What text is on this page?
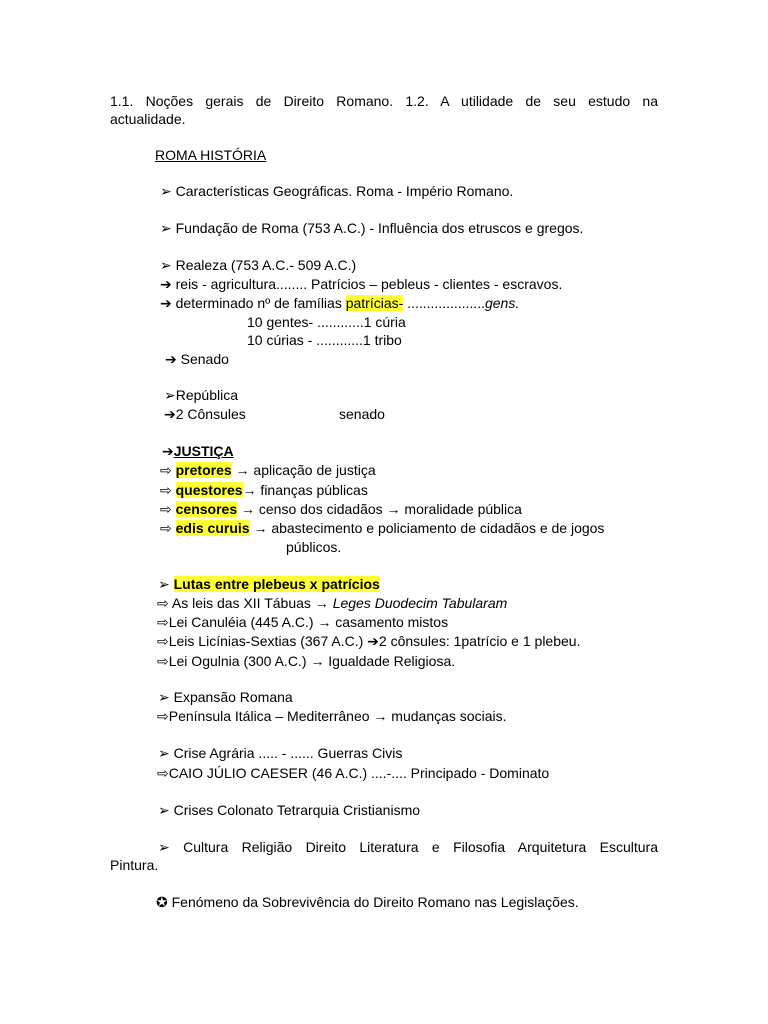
1.1. Noções gerais de Direito Romano. 1.2. A utilidade de seu estudo na
actualidade.
ROMA HISTÓRIA
➢ Características Geográficas. Roma - Império Romano.
➢ Fundação de Roma (753 A.C.) - Influência dos etruscos e gregos.
➢ Realeza (753 A.C.- 509 A.C.)
➔ reis - agricultura........ Patrícios – pebleus - clientes - escravos.
➔ determinado nº de famílias patrícias- ....................gens.
10 gentes- ............1 cúria
10 cúrias - ............1 tribo
➔ Senado
➢República
➔2 Cônsules	senado
➔JUSTIÇA
⇨ pretores → aplicação de justiça
⇨ questores→ finanças públicas
⇨ censores → censo dos cidadãos → moralidade pública
⇨ edis curuis → abastecimento e policiamento de cidadãos e de jogos
públicos.
➢ Lutas entre plebeus x patrícios
⇨ As leis das XII Tábuas → Leges Duodecim Tabularam
⇨Lei Canuléia (445 A.C.) → casamento mistos
⇨Leis Licínias-Sextias (367 A.C.) ➔2 cônsules: 1patrício e 1 plebeu.
⇨Lei Ogulnia (300 A.C.) → Igualdade Religiosa.
➢ Expansão Romana
⇨Península Itálica – Mediterrâneo → mudanças sociais.
➢ Crise Agrária ..... - ...... Guerras Civis
⇨CAIO JÚLIO CAESER (46 A.C.) ....-.... Principado - Dominato
➢ Crises Colonato Tetrarquia Cristianismo
➢ Cultura Religião Direito Literatura e Filosofia Arquitetura Escultura
Pintura.
✪ Fenómeno da Sobrevivência do Direito Romano nas Legislações.
